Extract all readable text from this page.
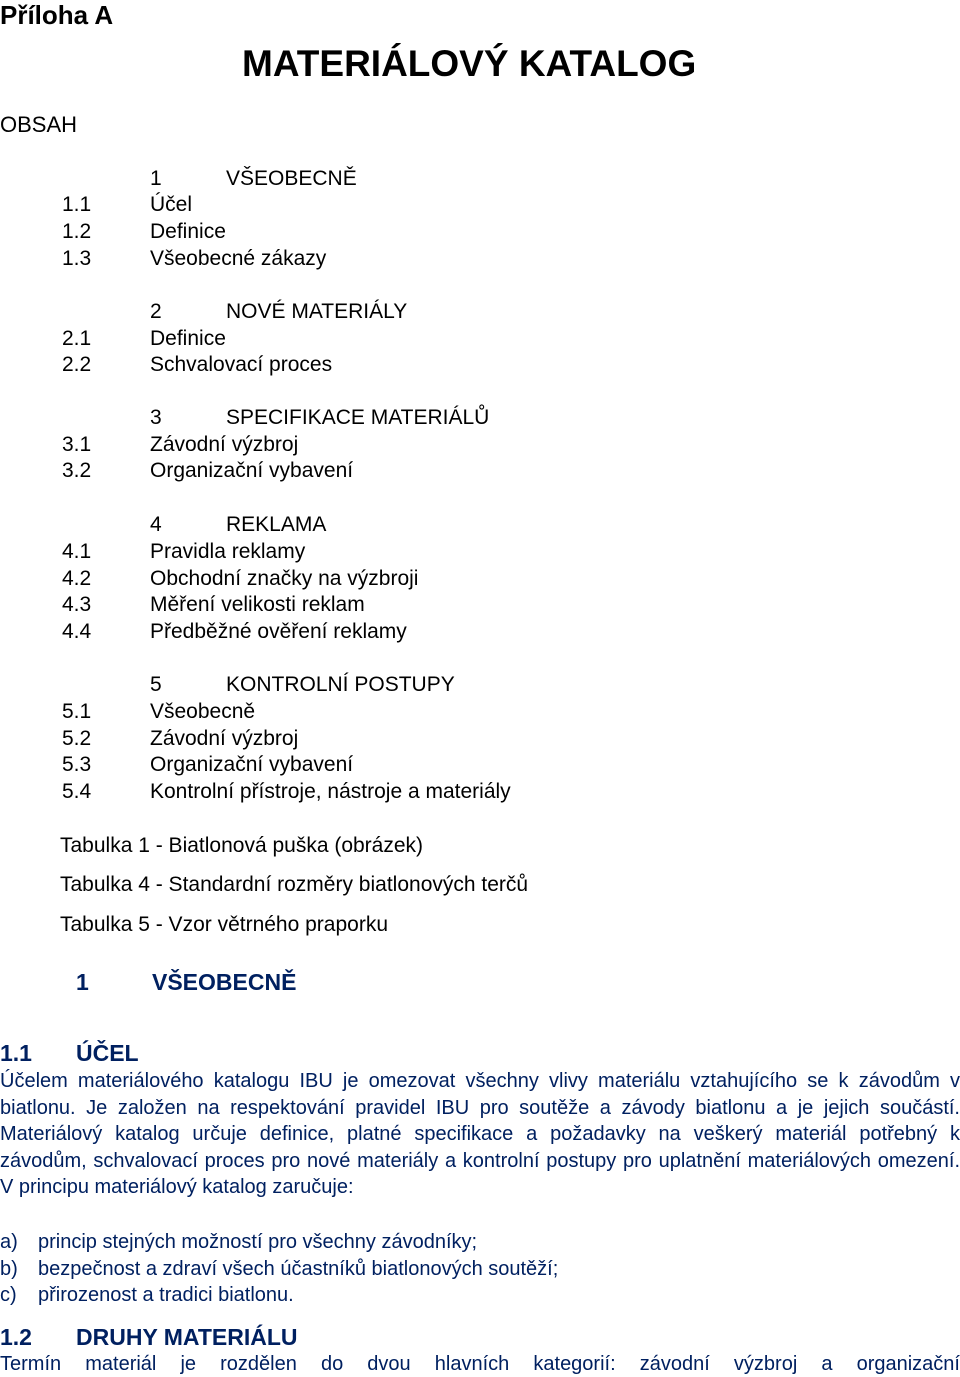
Příloha A
MATERIÁLOVÝ KATALOG
OBSAH
1	VŠEOBECNĚ
1.1	Účel
1.2	Definice
1.3	Všeobecné zákazy
2	NOVÉ MATERIÁLY
2.1	Definice
2.2	Schvalovací proces
3	SPECIFIKACE MATERIÁLŮ
3.1	Závodní výzbroj
3.2	Organizační vybavení
4	REKLAMA
4.1	Pravidla reklamy
4.2	Obchodní značky na výzbroji
4.3	Měření velikosti reklam
4.4	Předběžné ověření reklamy
5	KONTROLNÍ POSTUPY
5.1	Všeobecně
5.2	Závodní výzbroj
5.3	Organizační vybavení
5.4	Kontrolní přístroje, nástroje a materiály
Tabulka 1 - Biatlonová puška (obrázek)
Tabulka 4 - Standardní rozměry biatlonových terčů
Tabulka 5 - Vzor větrného praporku
1	VŠEOBECNĚ
1.1 ÚČEL
Účelem materiálového katalogu IBU je omezovat všechny vlivy materiálu vztahujícího se k závodům v biatlonu. Je založen na respektování pravidel IBU pro soutěže a závody biatlonu a je jejich součástí. Materiálový katalog určuje definice, platné specifikace a požadavky na veškerý materiál potřebný k závodům, schvalovací proces pro nové materiály a kontrolní postupy pro uplatnění materiálových omezení. V principu materiálový katalog zaručuje:
a) princip stejných možností pro všechny závodníky;
b) bezpečnost a zdraví všech účastníků biatlonových soutěží;
c) přirozenost a tradici biatlonu.
1.2 DRUHY MATERIÁLU
Termín materiál je rozdělen do dvou hlavních kategorií: závodní výzbroj a organizační
